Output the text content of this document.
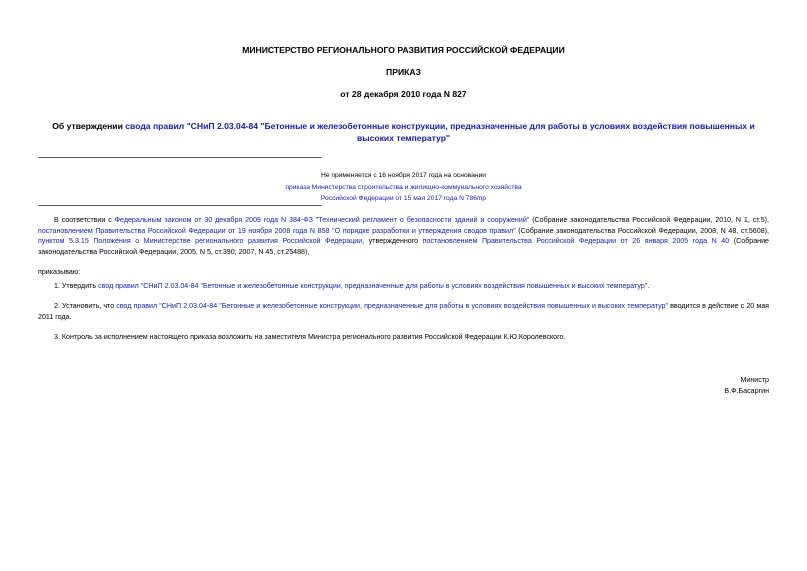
МИНИСТЕРСТВО РЕГИОНАЛЬНОГО РАЗВИТИЯ РОССИЙСКОЙ ФЕДЕРАЦИИ
ПРИКАЗ
от 28 декабря 2010 года N 827
Об утверждении свода правил "СНиП 2.03.04-84 "Бетонные и железобетонные конструкции, предназначенные для работы в условиях воздействия повышенных и высоких температур"
Не применяется с 16 ноября 2017 года на основании
приказа Министерства строительства и жилищно-коммунального хозяйства
Российской Федерации от 15 мая 2017 года N 786/пр

В соответствии с Федеральным законом от 30 декабря 2009 года N 384-ФЗ "Технический регламент о безопасности зданий и сооружений" (Собрание законодательства Российской Федерации, 2010, N 1, ст.5), постановлением Правительства Российской Федерации от 19 ноября 2008 года N 858 "О порядке разработки и утверждения сводов правил" (Собрание законодательства Российской Федерации, 2008, N 48, ст.5608), пунктом 5.3.15 Положения о Министерстве регионального развития Российской Федерации, утвержденного постановлением Правительства Российской Федерации от 26 января 2005 года N 40 (Собрание законодательства Российской Федерации, 2005, N 5, ст.390; 2007, N 45, ст.25488),

приказываю:

1. Утвердить свод правил "СНиП 2.03.04-84 "Бетонные и железобетонные конструкции, предназначенные для работы в условиях воздействия повышенных и высоких температур".

2. Установить, что свод правил "СНиП 2.03.04-84 "Бетонные и железобетонные конструкции, предназначенные для работы в условиях воздействия повышенных и высоких температур" вводится в действие с 20 мая 2011 года.

3. Контроль за исполнением настоящего приказа возложить на заместителя Министра регионального развития Российской Федерации К.Ю.Королевского.

Министр
В.Ф.Басаргин
